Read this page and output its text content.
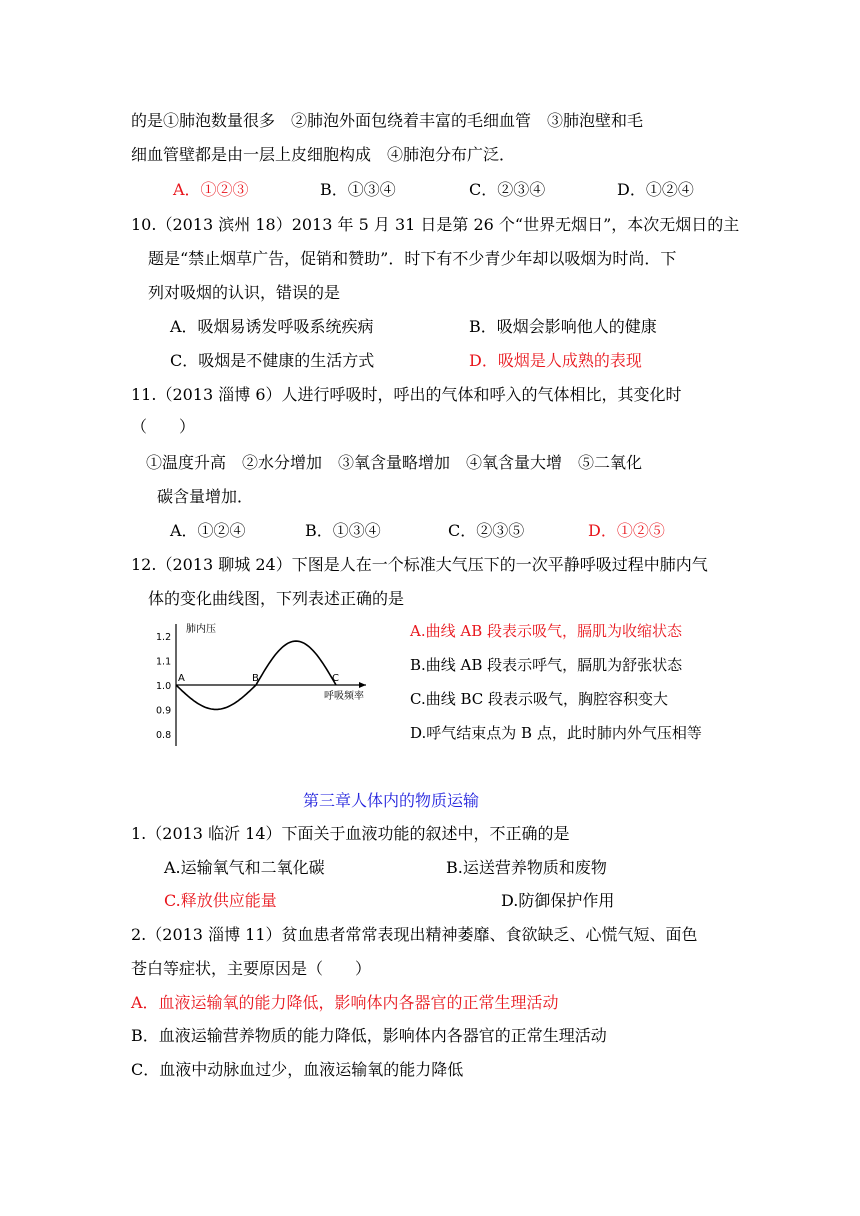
的是①肺泡数量很多　②肺泡外面包绕着丰富的毛细血管　③肺泡壁和毛
细血管壁都是由一层上皮细胞构成　④肺泡分布广泛．
A．①②③	B．①③④	C．②③④	D．①②④
10.（2013 滨州 18）2013 年 5 月 31 日是第 26 个“世界无烟日”，本次无烟日的主
题是“禁止烟草广告，促销和赞助”．时下有不少青少年却以吸烟为时尚．下
列对吸烟的认识，错误的是
A．吸烟易诱发呼吸系统疾病	B．吸烟会影响他人的健康
C．吸烟是不健康的生活方式	D．吸烟是人成熟的表现
11.（2013 淄博 6）人进行呼吸时，呼出的气体和呼入的气体相比，其变化时
（　　）
①温度升高　②水分增加　③氧含量略增加　④氧含量大增　⑤二氧化
碳含量增加．
A．①②④	B．①③④	C．②③⑤	D．①②⑤
12.（2013 聊城 24）下图是人在一个标准大气压下的一次平静呼吸过程中肺内气
体的变化曲线图，下列表述正确的是
肺内压
呼吸频率
1.2
1.1
1.0
0.9
0.8
A	B	C
A.曲线 AB 段表示吸气，膈肌为收缩状态
B.曲线 AB 段表示呼气，膈肌为舒张状态
C.曲线 BC 段表示吸气，胸腔容积变大
D.呼气结束点为 B 点，此时肺内外气压相等
第三章人体内的物质运输
1.（2013 临沂 14）下面关于血液功能的叙述中，不正确的是
A.运输氧气和二氧化碳	B.运送营养物质和废物
C.释放供应能量	D.防御保护作用
2.（2013 淄博 11）贫血患者常常表现出精神萎靡、食欲缺乏、心慌气短、面色
苍白等症状，主要原因是（　　）
A．血液运输氧的能力降低，影响体内各器官的正常生理活动
B．血液运输营养物质的能力降低，影响体内各器官的正常生理活动
C．血液中动脉血过少，血液运输氧的能力降低
